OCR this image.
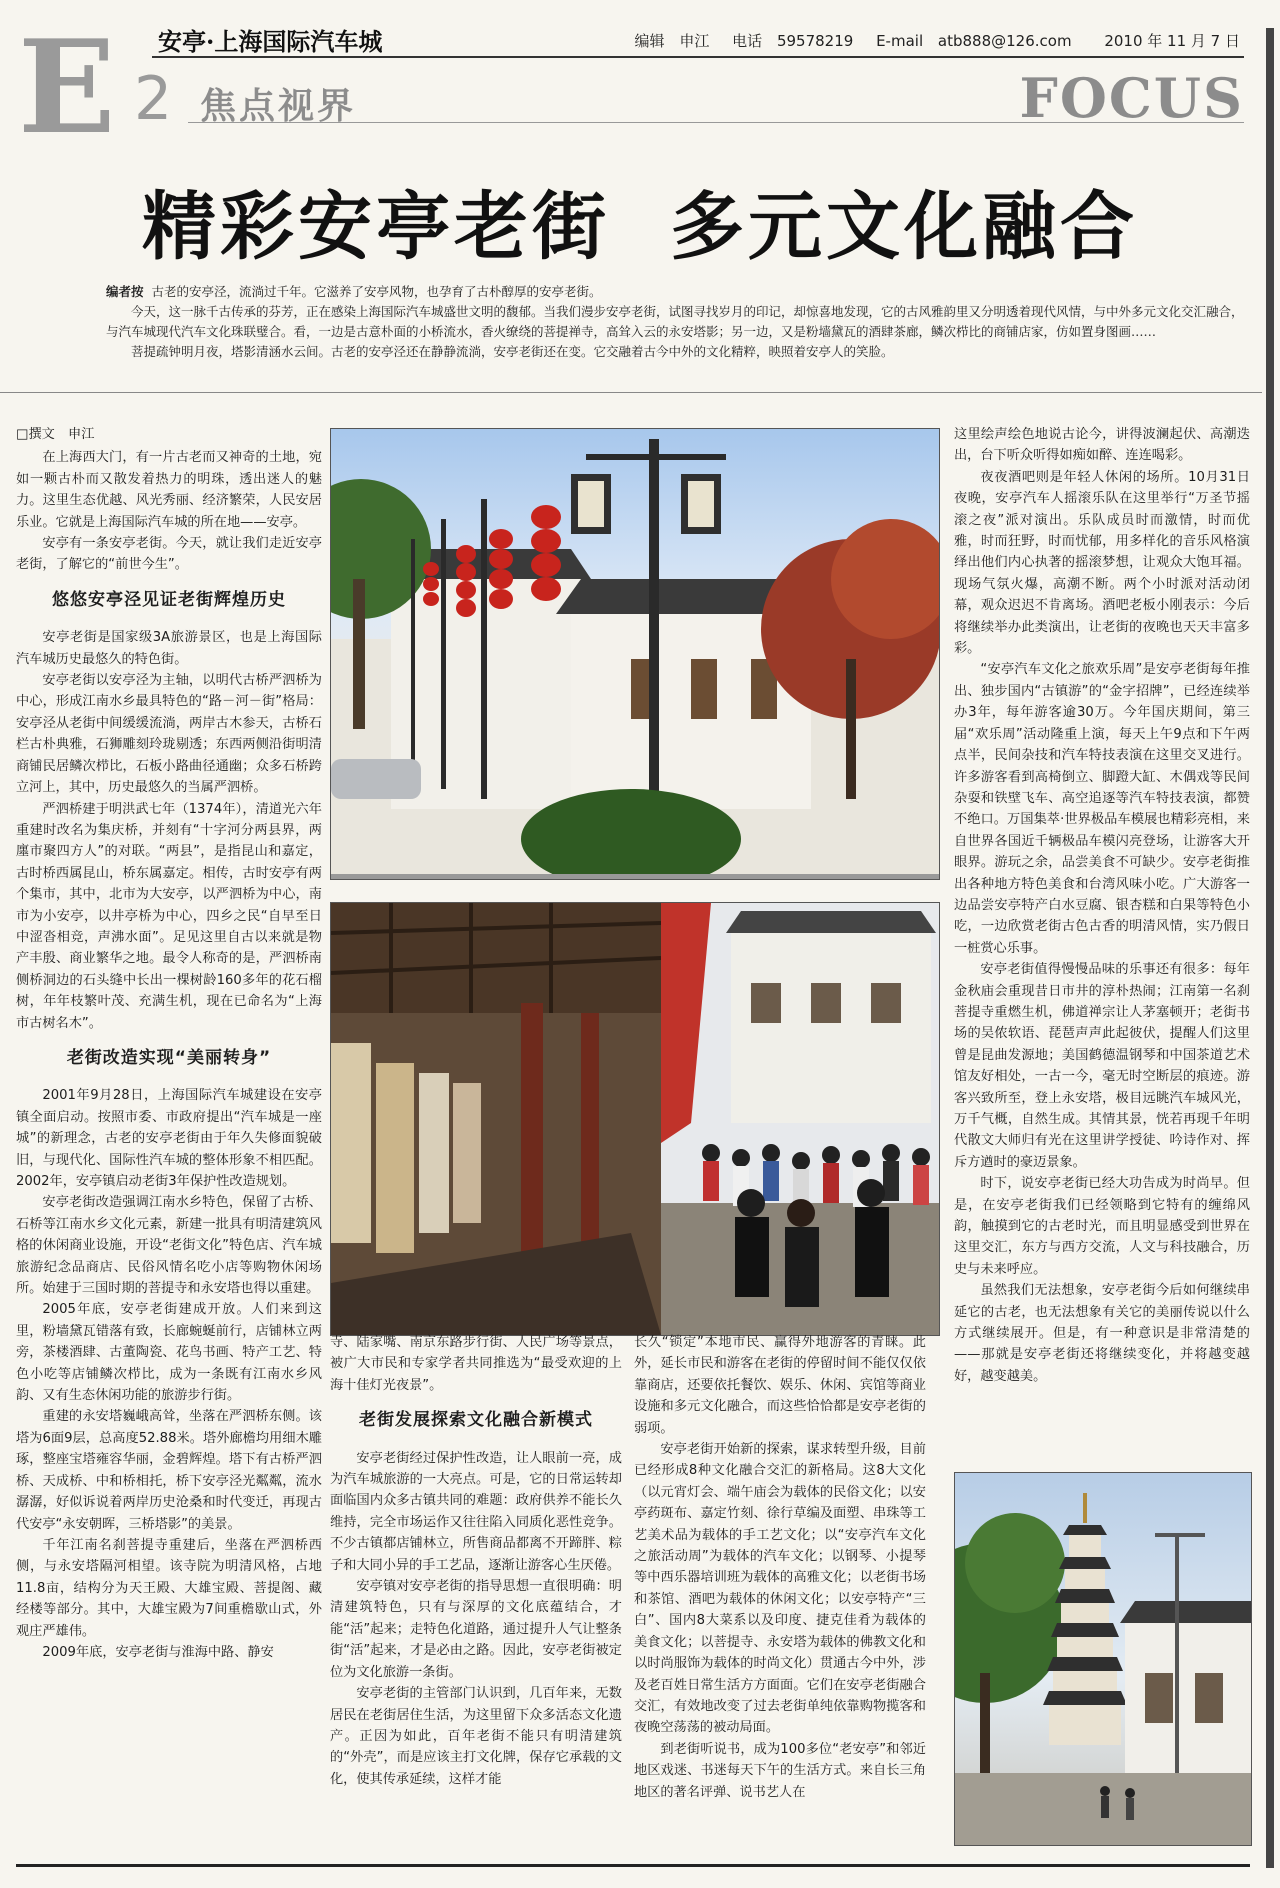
E 2
安亭·上海国际汽车城
焦点视界
编辑 申江 电话 59578219 E-mail atb888@126.com 2010 年 11 月 7 日
FOCUS
精彩安亭老街 多元文化融合

编者按 古老的安亭泾，流淌过千年。它滋养了安亭风物，也孕育了古朴醇厚的安亭老街。

今天，这一脉千古传承的芬芳，正在感染上海国际汽车城盛世文明的馥郁。当我们漫步安亭老街，试图寻找岁月的印记，却惊喜地发现，它的古风雅韵里又分明透着现代风情，与中外多元文化交汇融合，与汽车城现代汽车文化珠联璧合。看，一边是古意朴面的小桥流水，香火缭绕的菩提禅寺，高耸入云的永安塔影；另一边，又是粉墙黛瓦的酒肆茶廊，鳞次栉比的商铺店家，仿如置身图画……

菩提疏钟明月夜，塔影清涵水云间。古老的安亭泾还在静静流淌，安亭老街还在变。它交融着古今中外的文化精粹，映照着安亭人的笑脸。

□撰文　申江

在上海西大门，有一片古老而又神奇的土地，宛如一颗古朴而又散发着热力的明珠，透出迷人的魅力。这里生态优越、风光秀丽、经济繁荣，人民安居乐业。它就是上海国际汽车城的所在地——安亭。

安亭有一条安亭老街。今天，就让我们走近安亭老街，了解它的“前世今生”。

悠悠安亭泾见证老街辉煌历史

安亭老街是国家级3A旅游景区，也是上海国际汽车城历史最悠久的特色街。

安亭老街以安亭泾为主轴，以明代古桥严泗桥为中心，形成江南水乡最具特色的“路－河－街”格局：安亭泾从老街中间缓缓流淌，两岸古木参天，古桥石栏古朴典雅，石狮雕刻玲珑剔透；东西两侧沿街明清商铺民居鳞次栉比，石板小路曲径通幽；众多石桥跨立河上，其中，历史最悠久的当属严泗桥。

严泗桥建于明洪武七年（1374年），清道光六年重建时改名为集庆桥，并刻有“十字河分两县界，两廛市聚四方人”的对联。“两县”，是指昆山和嘉定，古时桥西属昆山，桥东属嘉定。相传，古时安亭有两个集市，其中，北市为大安亭，以严泗桥为中心，南市为小安亭，以井亭桥为中心，四乡之民“自早至日中涩沓相竞，声沸水面”。足见这里自古以来就是物产丰殷、商业繁华之地。最令人称奇的是，严泗桥南侧桥洞边的石头缝中长出一棵树龄160多年的花石榴树，年年枝繁叶茂、充满生机，现在已命名为“上海市古树名木”。

老街改造实现“美丽转身”

2001年9月28日，上海国际汽车城建设在安亭镇全面启动。按照市委、市政府提出“汽车城是一座城”的新理念，古老的安亭老街由于年久失修面貌破旧，与现代化、国际性汽车城的整体形象不相匹配。2002年，安亭镇启动老街3年保护性改造规划。

安亭老街改造强调江南水乡特色，保留了古桥、石桥等江南水乡文化元素，新建一批具有明清建筑风格的休闲商业设施，开设“老街文化”特色店、汽车城旅游纪念品商店、民俗风情名吃小店等购物休闲场所。始建于三国时期的菩提寺和永安塔也得以重建。

2005年底，安亭老街建成开放。人们来到这里，粉墙黛瓦错落有致，长廊蜿蜒前行，店铺林立两旁，茶楼酒肆、古董陶瓷、花鸟书画、特产工艺、特色小吃等店铺鳞次栉比，成为一条既有江南水乡风韵、又有生态休闲功能的旅游步行街。

重建的永安塔巍峨高耸，坐落在严泗桥东侧。该塔为6面9层，总高度52.88米。塔外廊檐均用细木雕琢，整座宝塔雍容华丽，金碧辉煌。塔下有古桥严泗桥、天成桥、中和桥相托，桥下安亭泾光粼粼，流水潺潺，好似诉说着两岸历史沧桑和时代变迁，再现古代安亭“永安朝晖，三桥塔影”的美景。

千年江南名刹菩提寺重建后，坐落在严泗桥西侧，与永安塔隔河相望。该寺院为明清风格，占地11.8亩，结构分为天王殿、大雄宝殿、菩提阁、藏经楼等部分。其中，大雄宝殿为7间重檐歇山式，外观庄严雄伟。

2009年底，安亭老街与淮海中路、静安

寺、陆家嘴、南京东路步行街、人民广场等景点，被广大市民和专家学者共同推选为“最受欢迎的上海十佳灯光夜景”。

老街发展探索文化融合新模式

安亭老街经过保护性改造，让人眼前一亮，成为汽车城旅游的一大亮点。可是，它的日常运转却面临国内众多古镇共同的难题：政府供养不能长久维持，完全市场运作又往往陷入同质化恶性竞争。不少古镇都店铺林立，所售商品都离不开蹄胖、粽子和大同小异的手工艺品，逐渐让游客心生厌倦。

安亭镇对安亭老街的指导思想一直很明确：明清建筑特色，只有与深厚的文化底蕴结合，才能“活”起来；走特色化道路，通过提升人气让整条街“活”起来，才是必由之路。因此，安亭老街被定位为文化旅游一条街。

安亭老街的主管部门认识到，几百年来，无数居民在老街居住生活，为这里留下众多活态文化遗产。正因为如此，百年老街不能只有明清建筑的“外壳”，而是应该主打文化牌，保存它承载的文化，使其传承延续，这样才能

长久“锁定”本地市民、赢得外地游客的青睐。此外，延长市民和游客在老街的停留时间不能仅仅依靠商店，还要依托餐饮、娱乐、休闲、宾馆等商业设施和多元文化融合，而这些恰恰都是安亭老街的弱项。

安亭老街开始新的探索，谋求转型升级，目前已经形成8种文化融合交汇的新格局。这8大文化（以元宵灯会、端午庙会为载体的民俗文化；以安亭药斑布、嘉定竹刻、徐行草编及面塑、串珠等工艺美术品为载体的手工艺文化；以“安亭汽车文化之旅活动周”为载体的汽车文化；以钢琴、小提琴等中西乐器培训班为载体的高雅文化；以老街书场和茶馆、酒吧为载体的休闲文化；以安亭特产“三白”、国内8大菜系以及印度、捷克佳肴为载体的美食文化；以菩提寺、永安塔为载体的佛教文化和以时尚服饰为载体的时尚文化）贯通古今中外，涉及老百姓日常生活方方面面。它们在安亭老街融合交汇，有效地改变了过去老街单纯依靠购物揽客和夜晚空荡荡的被动局面。

到老街听说书，成为100多位“老安亭”和邻近地区戏迷、书迷每天下午的生活方式。来自长三角地区的著名评弹、说书艺人在

这里绘声绘色地说古论今，讲得波澜起伏、高潮迭出，台下听众听得如痴如醉、连连喝彩。

夜夜酒吧则是年轻人休闲的场所。10月31日夜晚，安亭汽车人摇滚乐队在这里举行“万圣节摇滚之夜”派对演出。乐队成员时而激情，时而优雅，时而狂野，时而忧郁，用多样化的音乐风格演绎出他们内心执著的摇滚梦想，让观众大饱耳福。现场气氛火爆，高潮不断。两个小时派对活动闭幕，观众迟迟不肯离场。酒吧老板小刚表示：今后将继续举办此类演出，让老街的夜晚也天天丰富多彩。

“安亭汽车文化之旅欢乐周”是安亭老街每年推出、独步国内“古镇游”的“金字招牌”，已经连续举办3年，每年游客逾30万。今年国庆期间，第三届“欢乐周”活动隆重上演，每天上午9点和下午两点半，民间杂技和汽车特技表演在这里交叉进行。许多游客看到高椅倒立、脚蹬大缸、木偶戏等民间杂耍和铁壁飞车、高空追逐等汽车特技表演，都赞不绝口。万国集萃·世界极品车模展也精彩亮相，来自世界各国近千辆极品车模闪亮登场，让游客大开眼界。游玩之余，品尝美食不可缺少。安亭老街推出各种地方特色美食和台湾风味小吃。广大游客一边品尝安亭特产白水豆腐、银杏糕和白果等特色小吃，一边欣赏老街古色古香的明清风情，实乃假日一桩赏心乐事。

安亭老街值得慢慢品味的乐事还有很多：每年金秋庙会重现昔日市井的淳朴热闹；江南第一名刹菩提寺重燃生机，佛道禅宗让人茅塞顿开；老街书场的吴侬软语、琵琶声声此起彼伏，提醒人们这里曾是昆曲发源地；美国鹤德温钢琴和中国茶道艺术馆友好相处，一古一今，毫无时空断层的痕迹。游客兴致所至，登上永安塔，极目远眺汽车城风光，万千气概，自然生成。其情其景，恍若再现千年明代散文大师归有光在这里讲学授徒、吟诗作对、挥斥方遒时的豪迈景象。

时下，说安亭老街已经大功告成为时尚早。但是，在安亭老街我们已经领略到它特有的缠绵风韵，触摸到它的古老时光，而且明显感受到世界在这里交汇，东方与西方交流，人文与科技融合，历史与未来呼应。

虽然我们无法想象，安亭老街今后如何继续串延它的古老，也无法想象有关它的美丽传说以什么方式继续展开。但是，有一种意识是非常清楚的——那就是安亭老街还将继续变化，并将越变越好，越变越美。
